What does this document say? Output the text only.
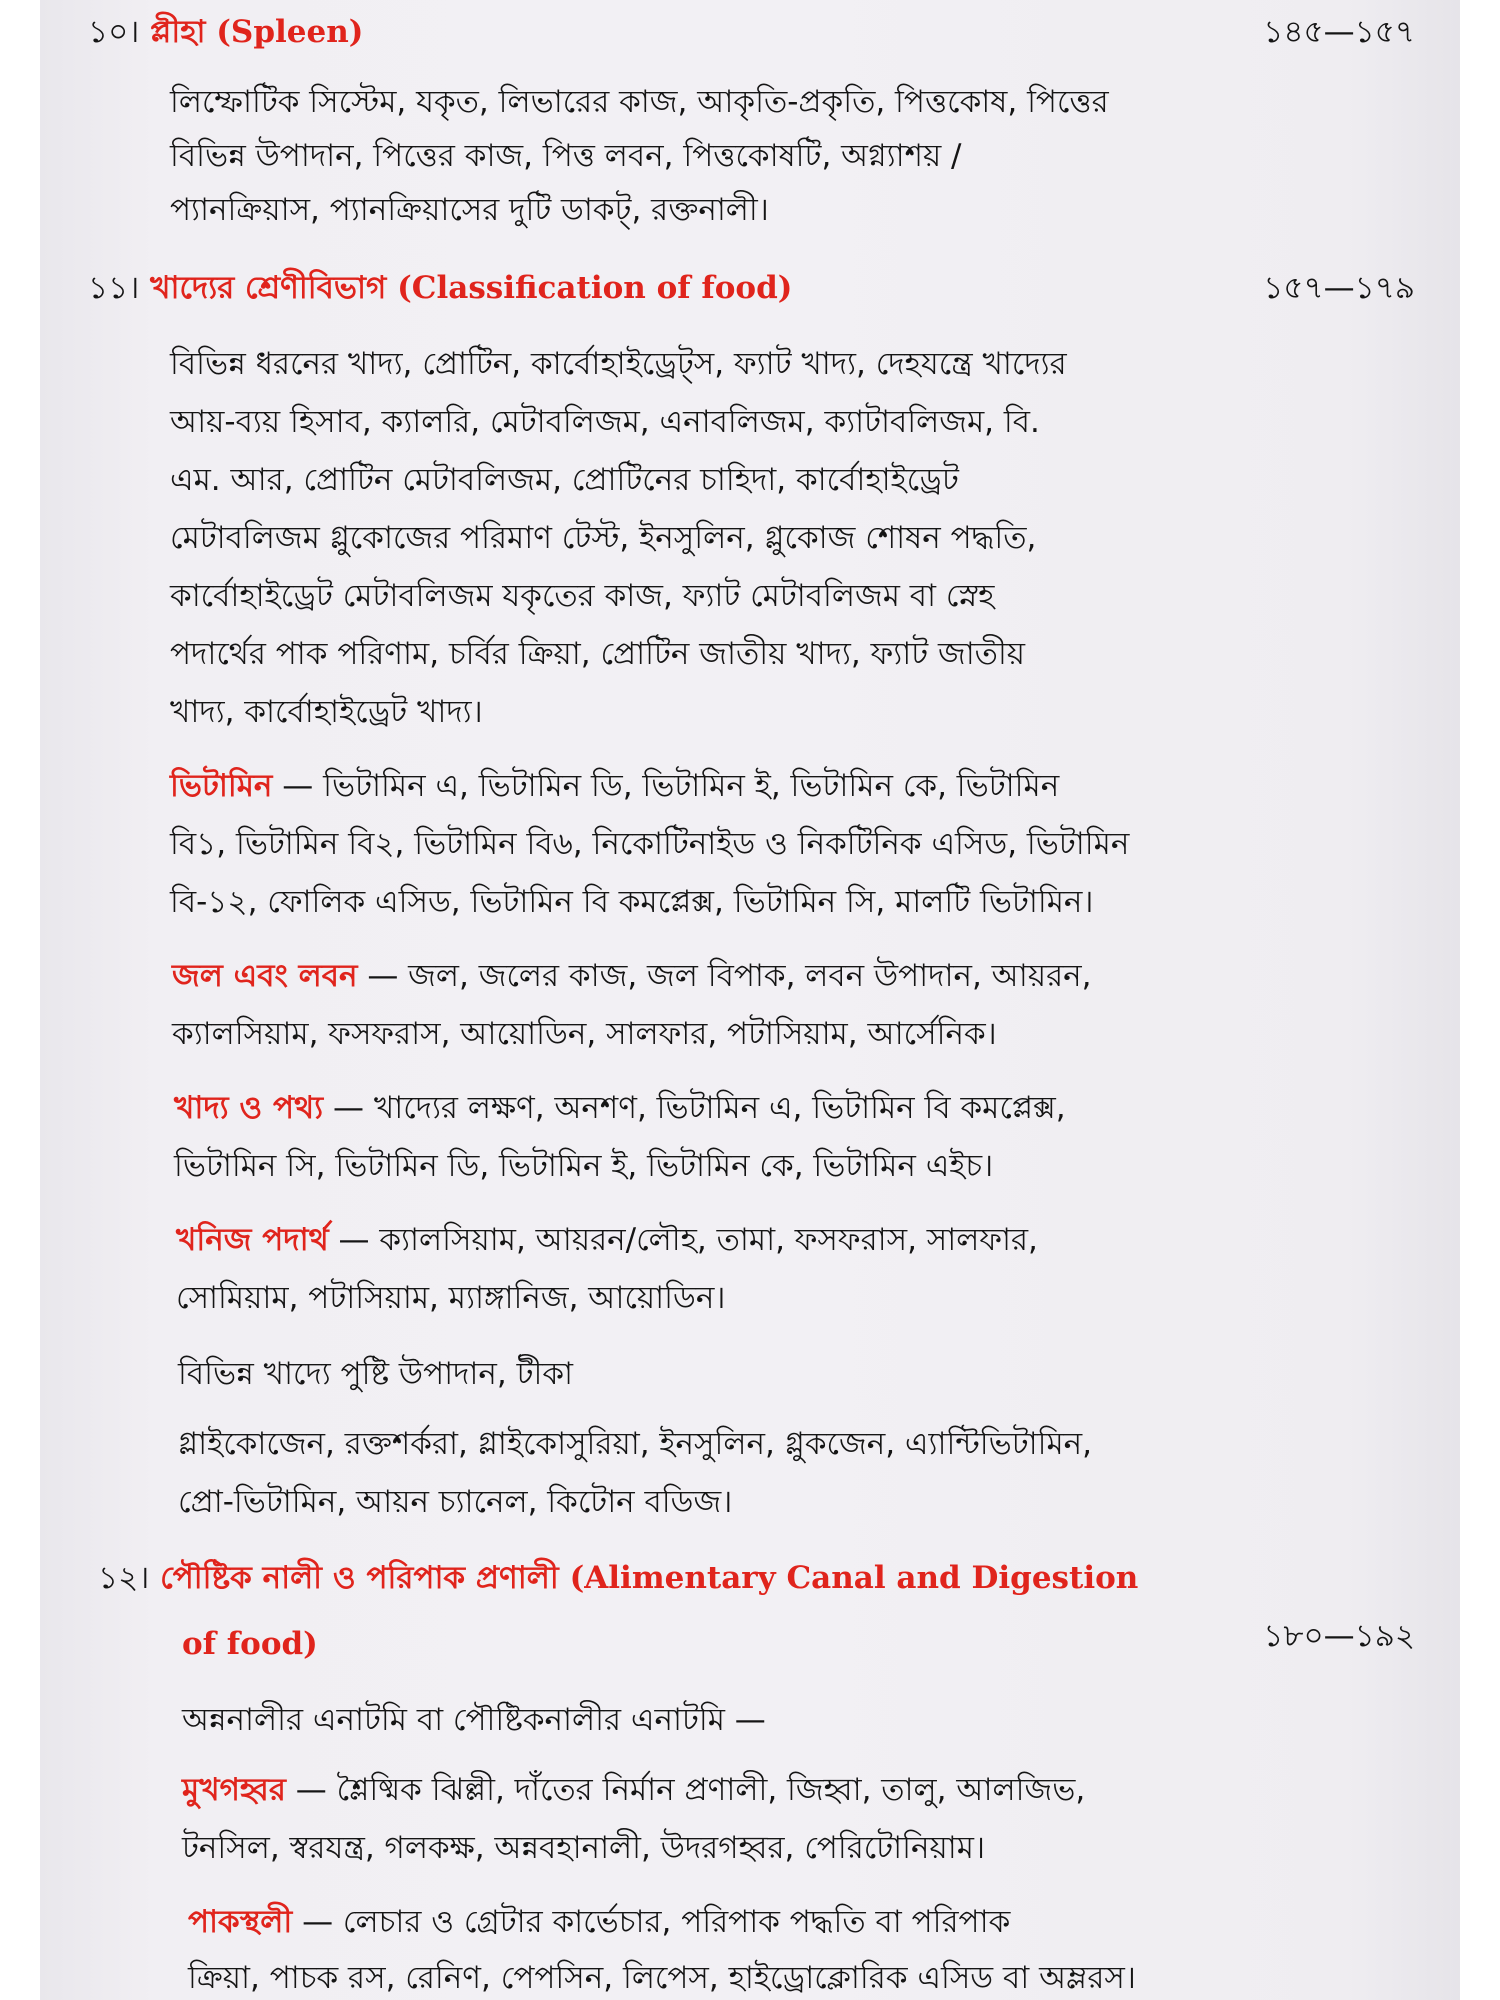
১০। প্লীহা (Spleen)	১৪৫—১৫৭
লিম্ফোটিক সিস্টেম, যকৃত, লিভারের কাজ, আকৃতি-প্রকৃতি, পিত্তকোষ, পিত্তের
বিভিন্ন উপাদান, পিত্তের কাজ, পিত্ত লবন, পিত্তকোষটি, অগ্ন্যাশয় /
প্যানক্রিয়াস, প্যানক্রিয়াসের দুটি ডাকট্, রক্তনালী।
১১। খাদ্যের শ্রেণীবিভাগ (Classification of food)	১৫৭—১৭৯
বিভিন্ন ধরনের খাদ্য, প্রোটিন, কার্বোহাইড্রেট্স, ফ্যাট খাদ্য, দেহযন্ত্রে খাদ্যের
আয়-ব্যয় হিসাব, ক্যালরি, মেটাবলিজম, এনাবলিজম, ক্যাটাবলিজম, বি.
এম. আর, প্রোটিন মেটাবলিজম, প্রোটিনের চাহিদা, কার্বোহাইড্রেট
মেটাবলিজম গ্লুকোজের পরিমাণ টেস্ট, ইনসুলিন, গ্লুকোজ শোষন পদ্ধতি,
কার্বোহাইড্রেট মেটাবলিজম যকৃতের কাজ, ফ্যাট মেটাবলিজম বা স্নেহ
পদার্থের পাক পরিণাম, চর্বির ক্রিয়া, প্রোটিন জাতীয় খাদ্য, ফ্যাট জাতীয়
খাদ্য, কার্বোহাইড্রেট খাদ্য।
ভিটামিন — ভিটামিন এ, ভিটামিন ডি, ভিটামিন ই, ভিটামিন কে, ভিটামিন
বি১, ভিটামিন বি২, ভিটামিন বি৬, নিকোটিনাইড ও নিকটিনিক এসিড, ভিটামিন
বি-১২, ফোলিক এসিড, ভিটামিন বি কমপ্লেক্স, ভিটামিন সি, মালটি ভিটামিন।
জল এবং লবন — জল, জলের কাজ, জল বিপাক, লবন উপাদান, আয়রন,
ক্যালসিয়াম, ফসফরাস, আয়োডিন, সালফার, পটাসিয়াম, আর্সেনিক।
খাদ্য ও পথ্য — খাদ্যের লক্ষণ, অনশণ, ভিটামিন এ, ভিটামিন বি কমপ্লেক্স,
ভিটামিন সি, ভিটামিন ডি, ভিটামিন ই, ভিটামিন কে, ভিটামিন এইচ।
খনিজ পদার্থ — ক্যালসিয়াম, আয়রন/লৌহ, তামা, ফসফরাস, সালফার,
সোমিয়াম, পটাসিয়াম, ম্যাঙ্গানিজ, আয়োডিন।
বিভিন্ন খাদ্যে পুষ্টি উপাদান, টীকা
গ্লাইকোজেন, রক্তশর্করা, গ্লাইকোসুরিয়া, ইনসুলিন, গ্লুকজেন, এ্যান্টিভিটামিন,
প্রো-ভিটামিন, আয়ন চ্যানেল, কিটোন বডিজ।
১২। পৌষ্টিক নালী ও পরিপাক প্রণালী (Alimentary Canal and Digestion
of food)	১৮০—১৯২
অন্ননালীর এনাটমি বা পৌষ্টিকনালীর এনাটমি —
মুখগহ্বর — শ্লৈষ্মিক ঝিল্লী, দাঁতের নির্মান প্রণালী, জিহ্বা, তালু, আলজিভ,
টনসিল, স্বরযন্ত্র, গলকক্ষ, অন্নবহানালী, উদরগহ্বর, পেরিটোনিয়াম।
পাকস্থলী — লেচার ও গ্রেটার কার্ভেচার, পরিপাক পদ্ধতি বা পরিপাক
ক্রিয়া, পাচক রস, রেনিণ, পেপসিন, লিপেস, হাইড্রোক্লোরিক এসিড বা অম্লরস।
